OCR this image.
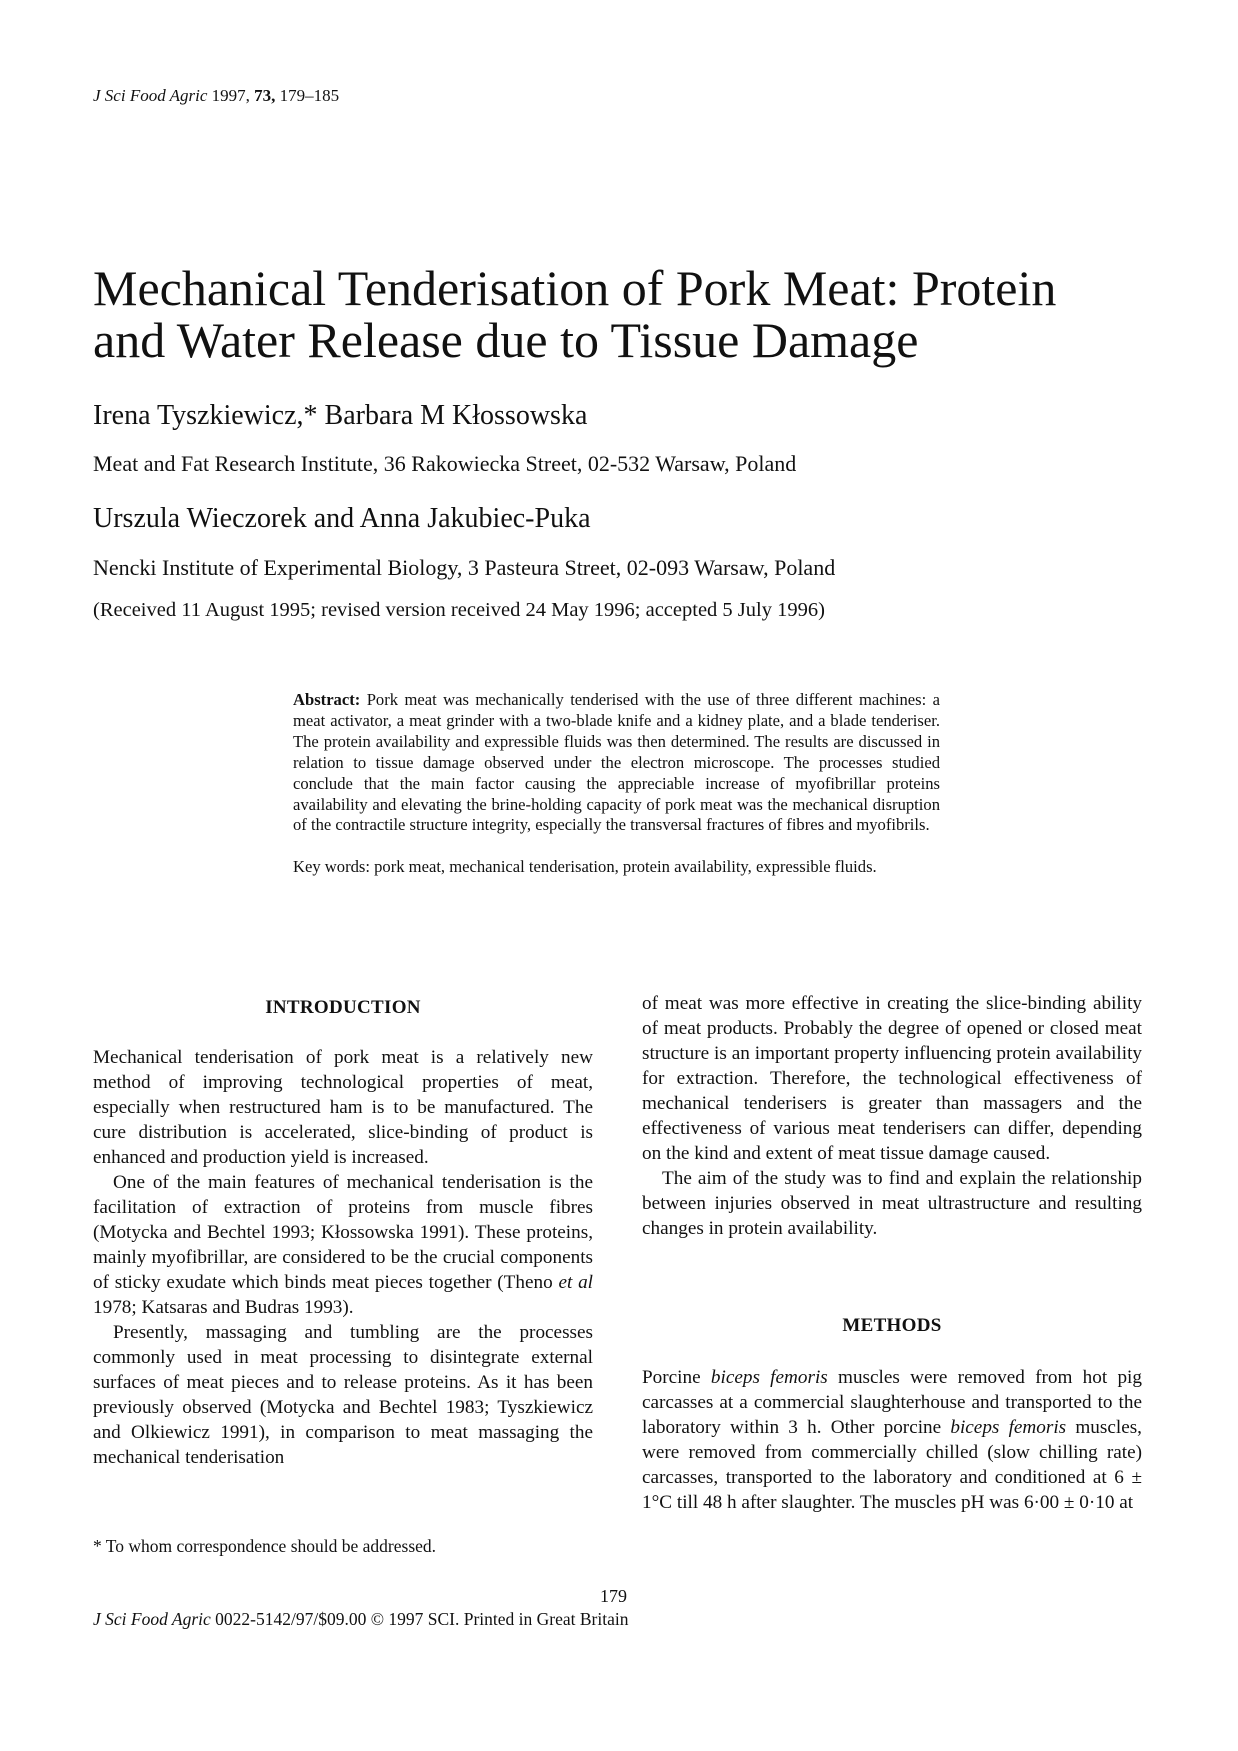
J Sci Food Agric 1997, 73, 179–185
Mechanical Tenderisation of Pork Meat: Protein
and Water Release due to Tissue Damage
Irena Tyszkiewicz,* Barbara M Kłossowska
Meat and Fat Research Institute, 36 Rakowiecka Street, 02-532 Warsaw, Poland
Urszula Wieczorek and Anna Jakubiec-Puka
Nencki Institute of Experimental Biology, 3 Pasteura Street, 02-093 Warsaw, Poland
(Received 11 August 1995; revised version received 24 May 1996; accepted 5 July 1996)

Abstract: Pork meat was mechanically tenderised with the use of three different machines: a meat activator, a meat grinder with a two-blade knife and a kidney plate, and a blade tenderiser. The protein availability and expressible fluids was then determined. The results are discussed in relation to tissue damage observed under the electron microscope. The processes studied conclude that the main factor causing the appreciable increase of myofibrillar proteins availability and elevating the brine-holding capacity of pork meat was the mechanical disruption of the contractile structure integrity, especially the transversal fractures of fibres and myofibrils.

Key words: pork meat, mechanical tenderisation, protein availability, expressible fluids.

INTRODUCTION

Mechanical tenderisation of pork meat is a relatively new method of improving technological properties of meat, especially when restructured ham is to be manufactured. The cure distribution is accelerated, slice-binding of product is enhanced and production yield is increased.

One of the main features of mechanical tenderisation is the facilitation of extraction of proteins from muscle fibres (Motycka and Bechtel 1993; Kłossowska 1991). These proteins, mainly myofibrillar, are considered to be the crucial components of sticky exudate which binds meat pieces together (Theno et al 1978; Katsaras and Budras 1993).

Presently, massaging and tumbling are the processes commonly used in meat processing to disintegrate external surfaces of meat pieces and to release proteins. As it has been previously observed (Motycka and Bechtel 1983; Tyszkiewicz and Olkiewicz 1991), in comparison to meat massaging the mechanical tenderisation

of meat was more effective in creating the slice-binding ability of meat products. Probably the degree of opened or closed meat structure is an important property influencing protein availability for extraction. Therefore, the technological effectiveness of mechanical tenderisers is greater than massagers and the effectiveness of various meat tenderisers can differ, depending on the kind and extent of meat tissue damage caused.

The aim of the study was to find and explain the relationship between injuries observed in meat ultrastructure and resulting changes in protein availability.

METHODS

Porcine biceps femoris muscles were removed from hot pig carcasses at a commercial slaughterhouse and transported to the laboratory within 3 h. Other porcine biceps femoris muscles, were removed from commercially chilled (slow chilling rate) carcasses, transported to the laboratory and conditioned at 6 ± 1°C till 48 h after slaughter. The muscles pH was 6·00 ± 0·10 at

* To whom correspondence should be addressed.
179
J Sci Food Agric 0022-5142/97/$09.00 © 1997 SCI. Printed in Great Britain
